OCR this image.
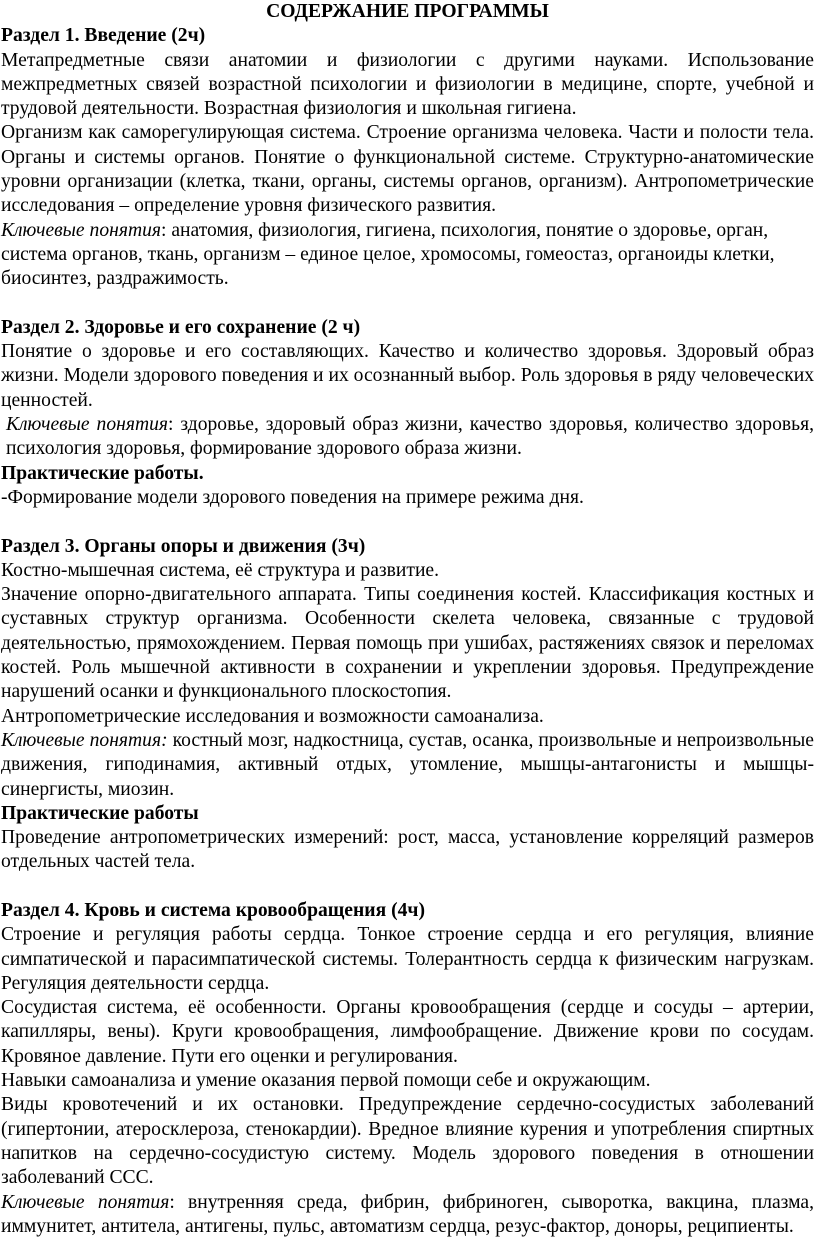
СОДЕРЖАНИЕ ПРОГРАММЫ

Раздел 1. Введение (2ч)

Метапредметные связи анатомии и физиологии с другими науками. Использование межпредметных связей возрастной психологии и физиологии в медицине, спорте, учебной и трудовой деятельности. Возрастная физиология и школьная гигиена.

Организм как саморегулирующая система. Строение организма человека. Части и полости тела. Органы и системы органов. Понятие о функциональной системе. Структурно-анатомические уровни организации (клетка, ткани, органы, системы органов, организм). Антропометрические исследования – определение уровня физического развития.

Ключевые понятия: анатомия, физиология, гигиена, психология, понятие о здоровье, орган, система органов, ткань, организм – единое целое, хромосомы, гомеостаз, органоиды клетки, биосинтез, раздражимость.

Раздел 2. Здоровье и его сохранение (2 ч)

Понятие о здоровье и его составляющих. Качество и количество здоровья. Здоровый образ жизни. Модели здорового поведения и их осознанный выбор. Роль здоровья в ряду человеческих ценностей.

Ключевые понятия: здоровье, здоровый образ жизни, качество здоровья, количество здоровья, психология здоровья, формирование здорового образа жизни.

Практические работы.

-Формирование модели здорового поведения на примере режима дня.

Раздел 3. Органы опоры и движения (3ч)

Костно-мышечная система, её структура и развитие.

Значение опорно-двигательного аппарата. Типы соединения костей. Классификация костных и суставных структур организма. Особенности скелета человека, связанные с трудовой деятельностью, прямохождением. Первая помощь при ушибах, растяжениях связок и переломах костей. Роль мышечной активности в сохранении и укреплении здоровья. Предупреждение нарушений осанки и функционального плоскостопия.

Антропометрические исследования и возможности самоанализа.

Ключевые понятия: костный мозг, надкостница, сустав, осанка, произвольные и непроизвольные движения, гиподинамия, активный отдых, утомление, мышцы-антагонисты и мышцы-синергисты, миозин.

Практические работы

Проведение антропометрических измерений: рост, масса, установление корреляций размеров отдельных частей тела.

Раздел 4. Кровь и система кровообращения (4ч)

Строение и регуляция работы сердца. Тонкое строение сердца и его регуляция, влияние симпатической и парасимпатической системы. Толерантность сердца к физическим нагрузкам. Регуляция деятельности сердца.

Сосудистая система, её особенности. Органы кровообращения (сердце и сосуды – артерии, капилляры, вены). Круги кровообращения, лимфообращение. Движение крови по сосудам. Кровяное давление. Пути его оценки и регулирования.

Навыки самоанализа и умение оказания первой помощи себе и окружающим.

Виды кровотечений и их остановки. Предупреждение сердечно-сосудистых заболеваний (гипертонии, атеросклероза, стенокардии). Вредное влияние курения и употребления спиртных напитков на сердечно-сосудистую систему. Модель здорового поведения в отношении заболеваний ССС.

Ключевые понятия: внутренняя среда, фибрин, фибриноген, сыворотка, вакцина, плазма, иммунитет, антитела, антигены, пульс, автоматизм сердца, резус-фактор, доноры, реципиенты.
